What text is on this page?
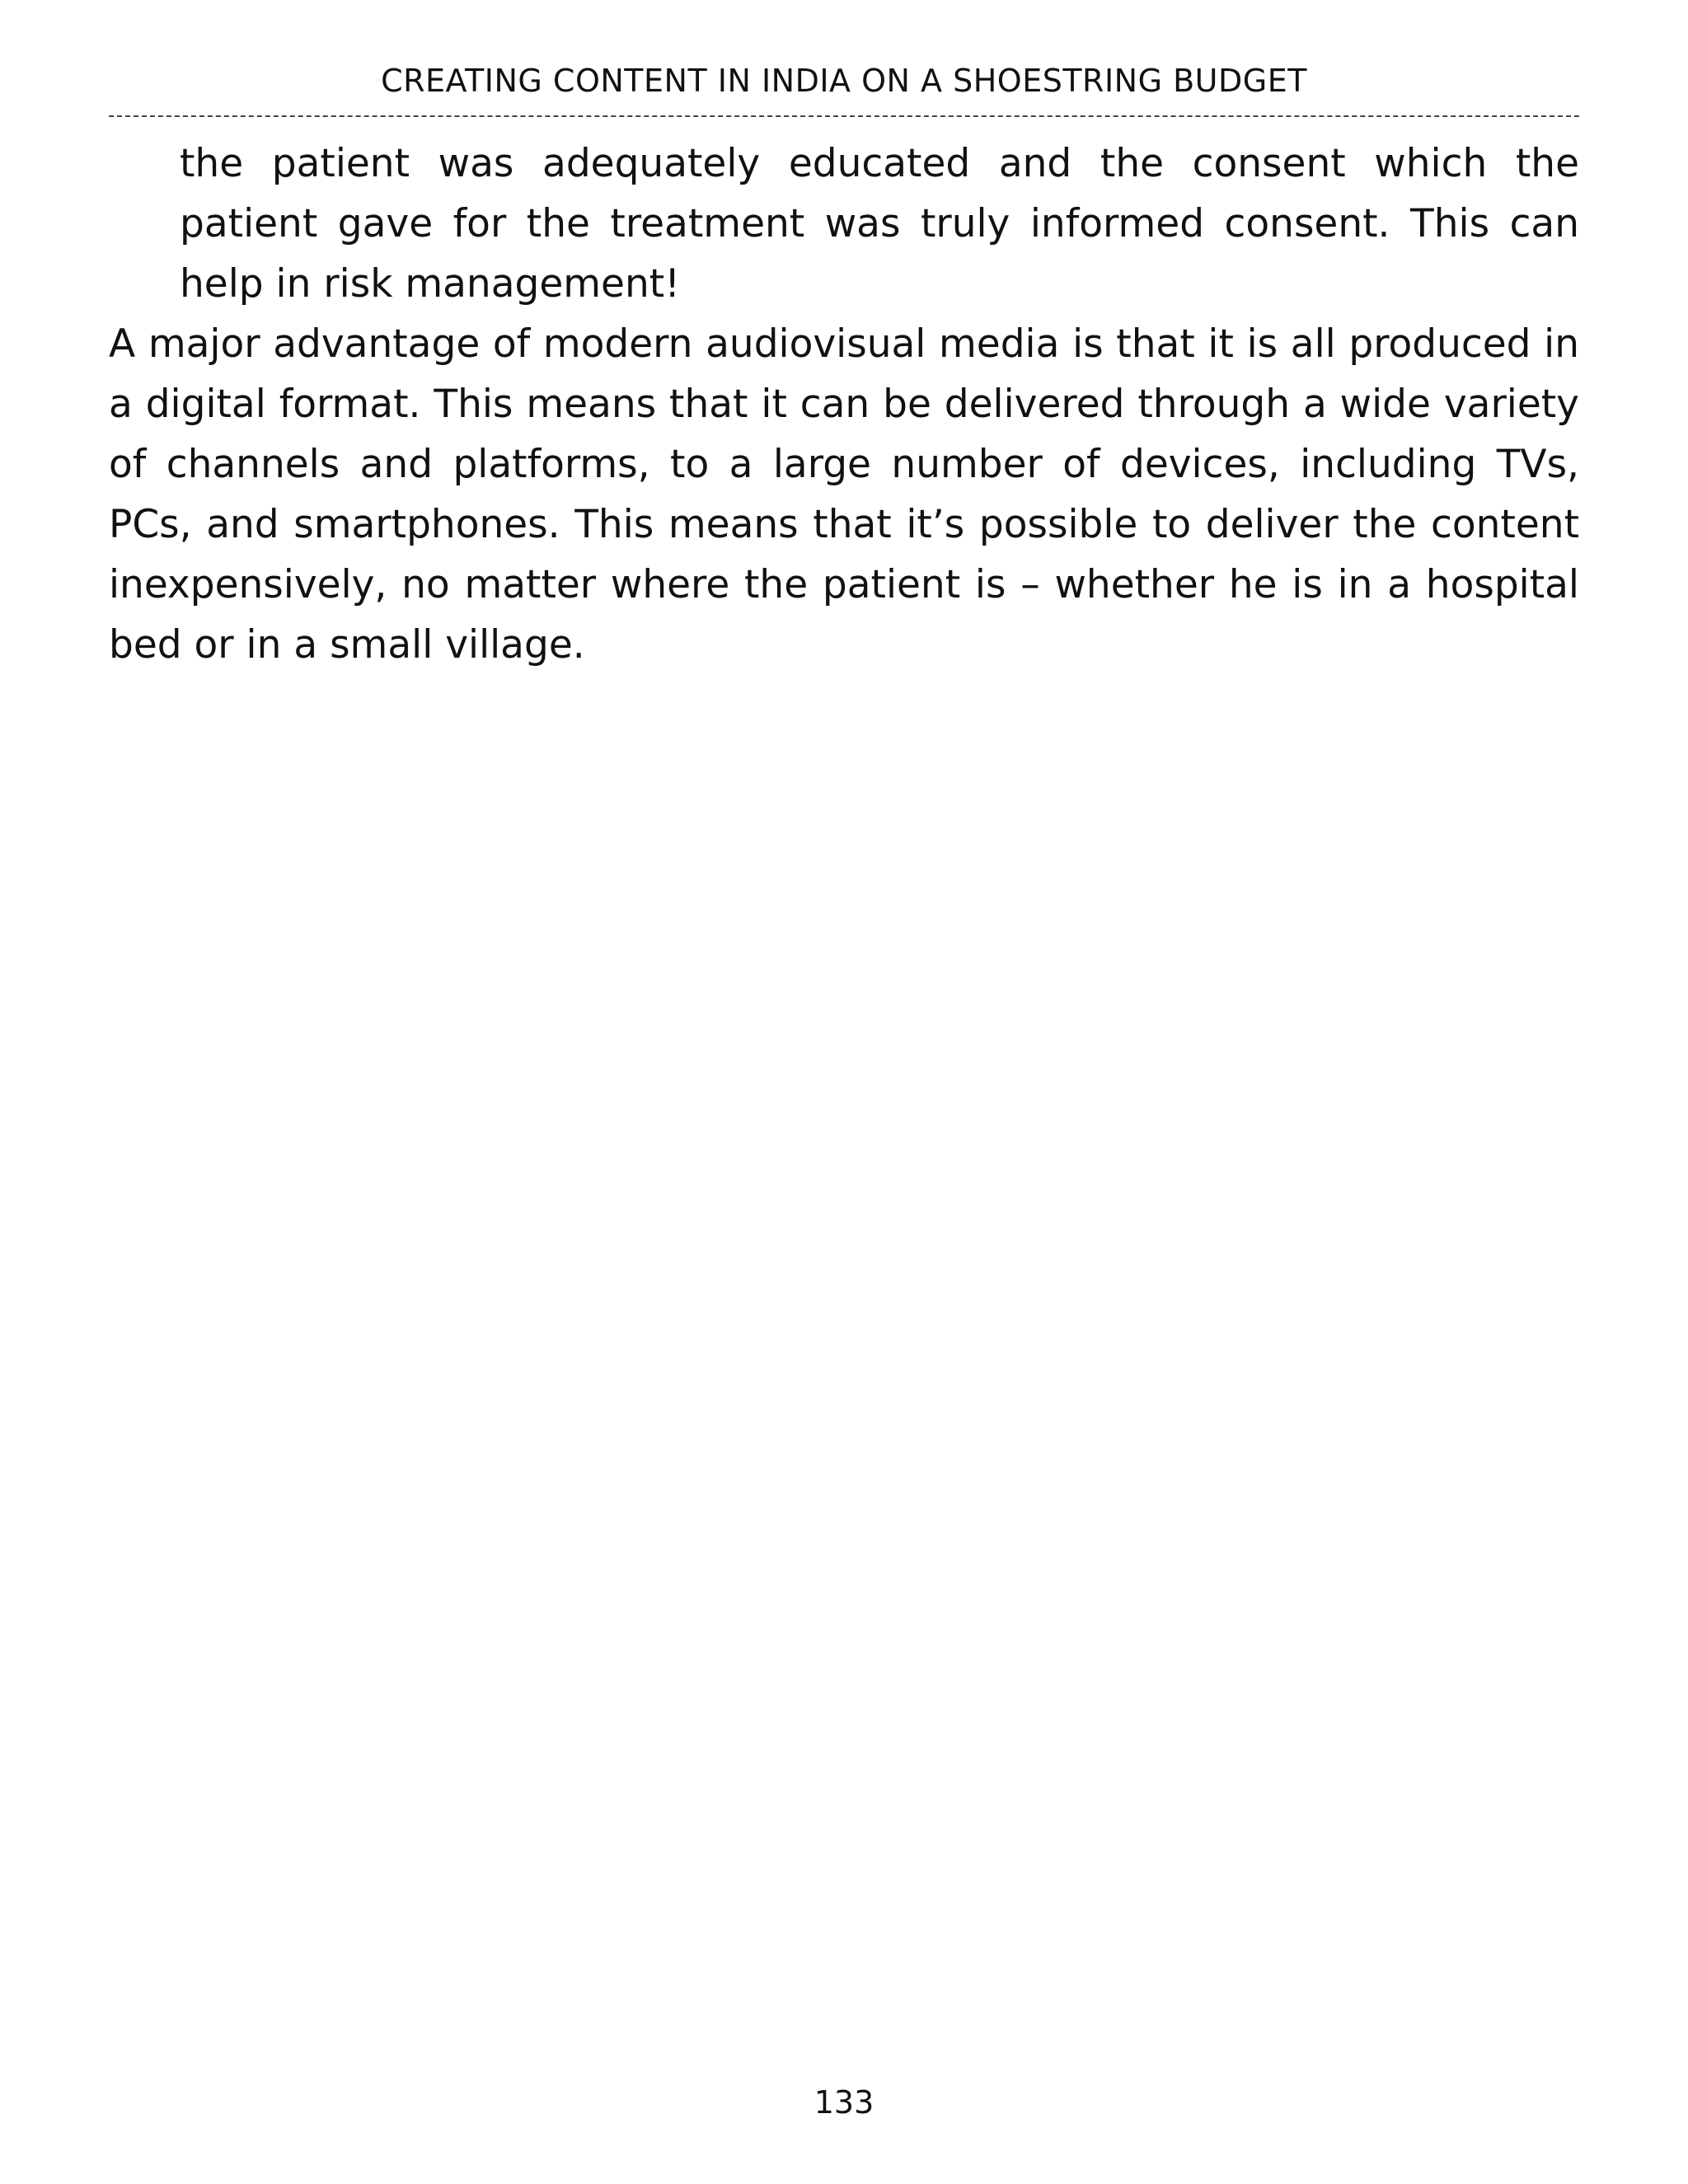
CREATING CONTENT IN INDIA ON A SHOESTRING BUDGET

the patient was adequately educated and the consent which the patient gave for the treatment was truly informed consent. This can help in risk management!

A major advantage of modern audiovisual media is that it is all produced in a digital format. This means that it can be delivered through a wide variety of channels and platforms, to a large number of devices, including TVs, PCs, and smartphones. This means that it’s possible to deliver the content inexpensively, no matter where the patient is – whether he is in a hospital bed or in a small village.

133
